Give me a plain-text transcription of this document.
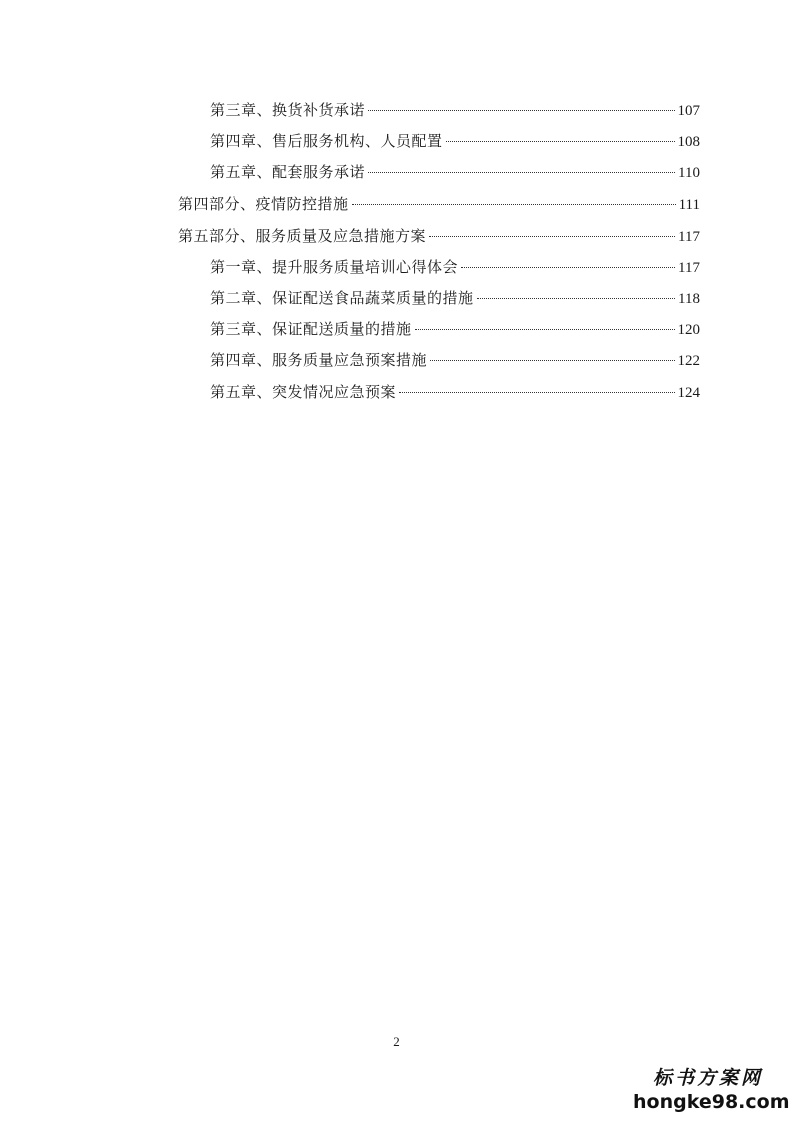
第三章、换货补货承诺	107
第四章、售后服务机构、人员配置	108
第五章、配套服务承诺	110
第四部分、疫情防控措施	111
第五部分、服务质量及应急措施方案	117
第一章、提升服务质量培训心得体会	117
第二章、保证配送食品蔬菜质量的措施	118
第三章、保证配送质量的措施	120
第四章、服务质量应急预案措施	122
第五章、突发情况应急预案	124
2
标书方案网
hongke98.com
